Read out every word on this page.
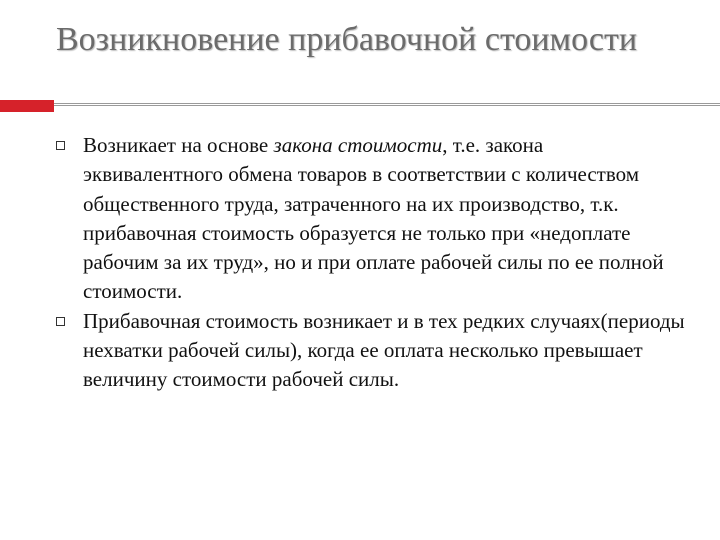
Возникновение прибавочной стоимости
Возникает на основе закона стоимости, т.е. закона эквивалентного обмена товаров в соответствии с количеством общественного труда, затраченного на их производство, т.к. прибавочная стоимость образуется не только при «недоплате рабочим за их труд», но и при оплате рабочей силы по ее полной стоимости.
Прибавочная стоимость возникает и в тех редких случаях(периоды нехватки рабочей силы), когда ее оплата несколько превышает величину стоимости рабочей силы.
